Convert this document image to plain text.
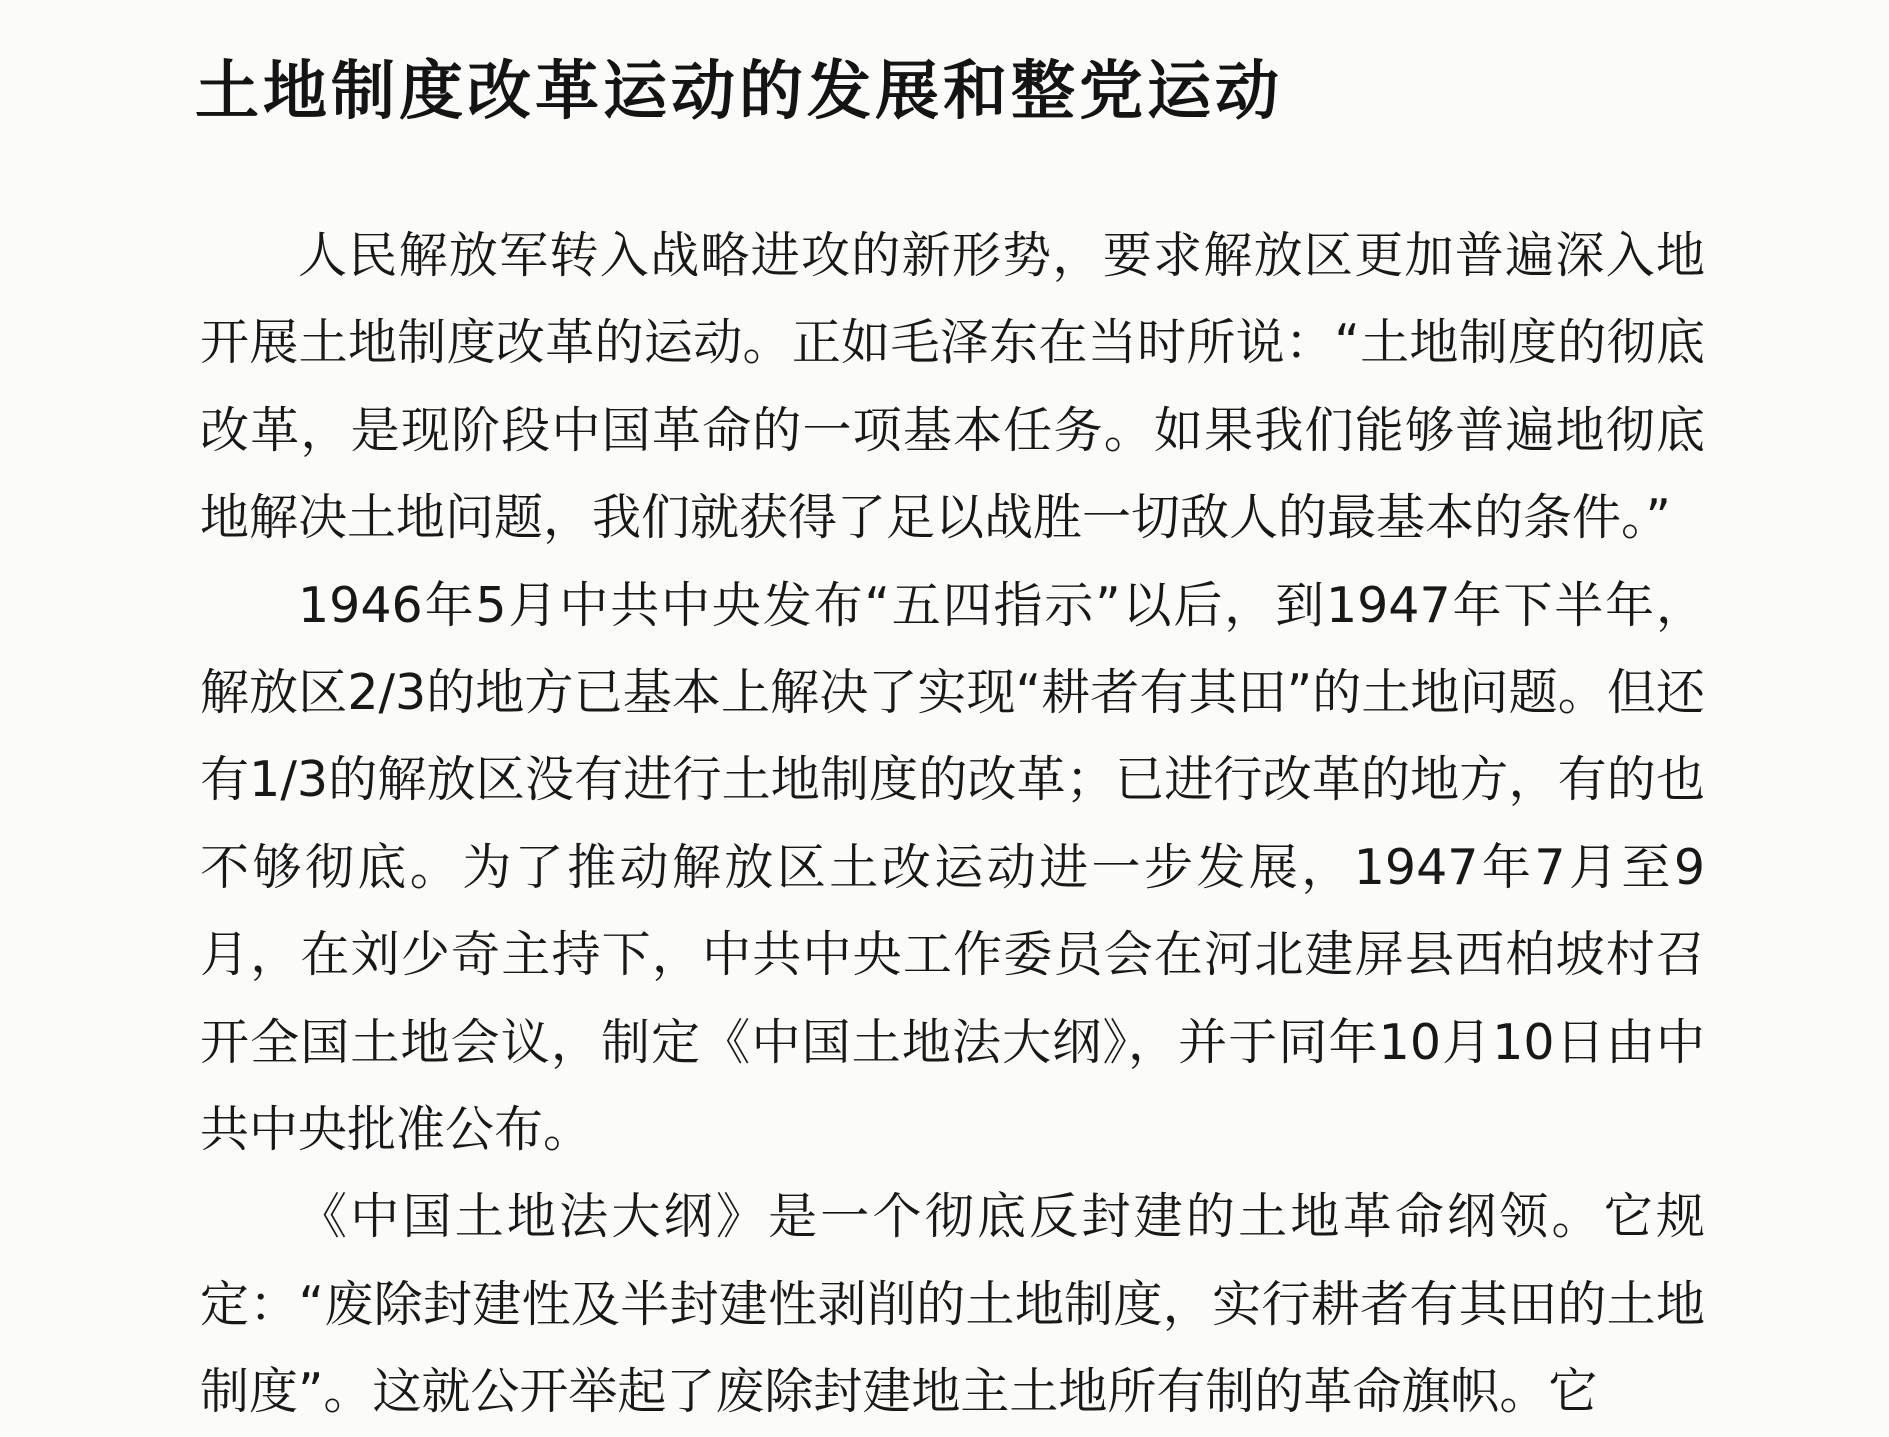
土地制度改革运动的发展和整党运动

人民解放军转入战略进攻的新形势，要求解放区更加普遍深入地开展土地制度改革的运动。正如毛泽东在当时所说：“土地制度的彻底改革，是现阶段中国革命的一项基本任务。如果我们能够普遍地彻底地解决土地问题，我们就获得了足以战胜一切敌人的最基本的条件。”

1946年5月中共中央发布“五四指示”以后，到1947年下半年，解放区2/3的地方已基本上解决了实现“耕者有其田”的土地问题。但还有1/3的解放区没有进行土地制度的改革；已进行改革的地方，有的也不够彻底。为了推动解放区土改运动进一步发展，1947年7月至9月，在刘少奇主持下，中共中央工作委员会在河北建屏县西柏坡村召开全国土地会议，制定《中国土地法大纲》，并于同年10月10日由中共中央批准公布。

《中国土地法大纲》是一个彻底反封建的土地革命纲领。它规定：“废除封建性及半封建性剥削的土地制度，实行耕者有其田的土地制度”。这就公开举起了废除封建地主土地所有制的革命旗帜。它
